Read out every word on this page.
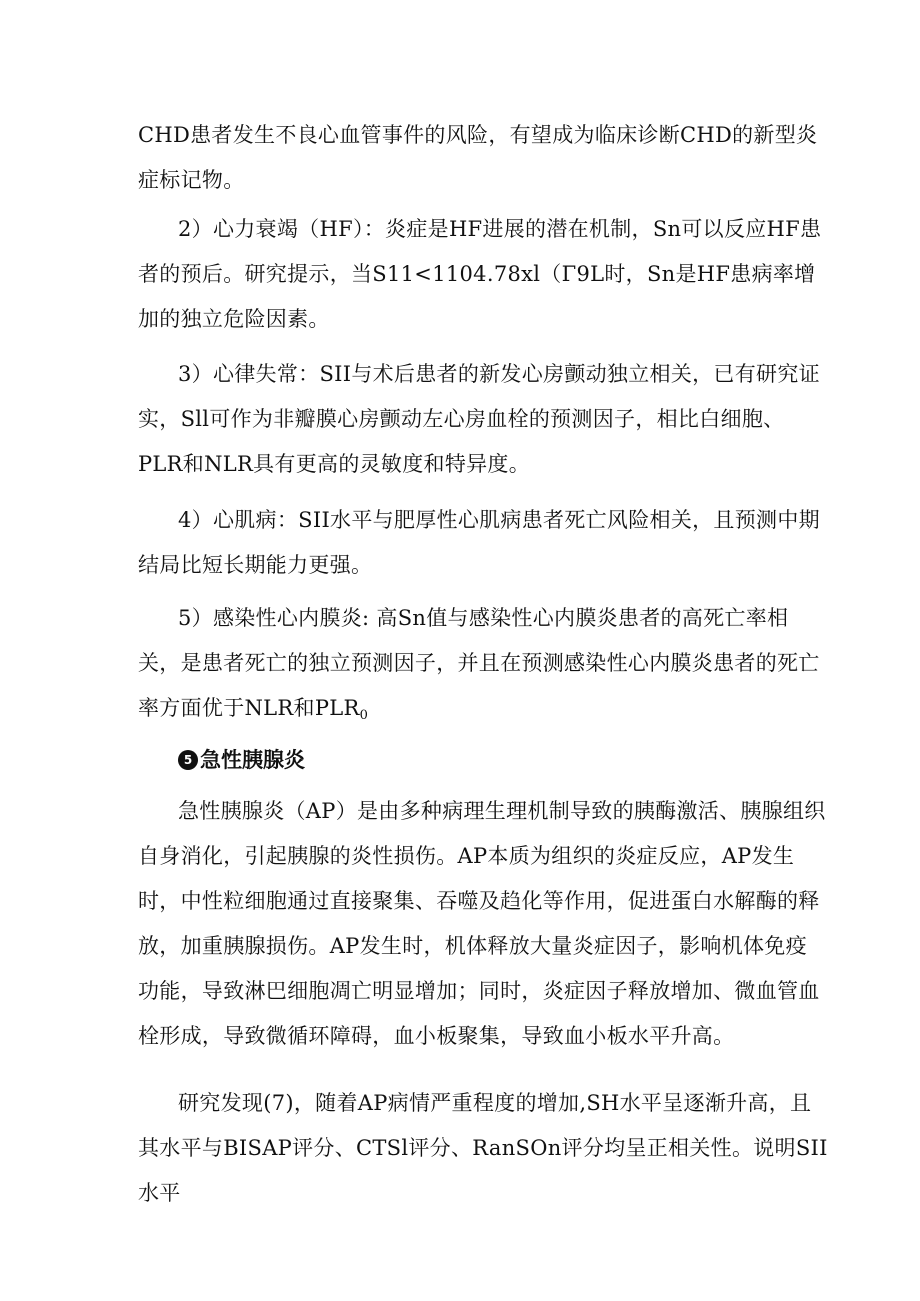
CHD患者发生不良心血管事件的风险，有望成为临床诊断CHD的新型炎症标记物。

2）心力衰竭（HF）：炎症是HF进展的潜在机制，Sn可以反应HF患者的预后。研究提示，当S11<1104.78xl（Γ9L时，Sn是HF患病率增加的独立危险因素。

3）心律失常：SII与术后患者的新发心房颤动独立相关，已有研究证实，Sll可作为非瓣膜心房颤动左心房血栓的预测因子，相比白细胞、PLR和NLR具有更高的灵敏度和特异度。

4）心肌病：SII水平与肥厚性心肌病患者死亡风险相关，且预测中期结局比短长期能力更强。

5）感染性心内膜炎: 高Sn值与感染性心内膜炎患者的高死亡率相关，是患者死亡的独立预测因子，并且在预测感染性心内膜炎患者的死亡率方面优于NLR和$PLR_0$

5 急性胰腺炎

急性胰腺炎（AP）是由多种病理生理机制导致的胰酶激活、胰腺组织自身消化，引起胰腺的炎性损伤。AP本质为组织的炎症反应，AP发生时，中性粒细胞通过直接聚集、吞噬及趋化等作用，促进蛋白水解酶的释放，加重胰腺损伤。AP发生时，机体释放大量炎症因子，影响机体免疫功能，导致淋巴细胞凋亡明显增加；同时，炎症因子释放增加、微血管血栓形成，导致微循环障碍，血小板聚集，导致血小板水平升高。

研究发现(7)，随着AP病情严重程度的增加,SH水平呈逐渐升高，且其水平与BISAP评分、CTSl评分、RanSOn评分均呈正相关性。说明SII水平
